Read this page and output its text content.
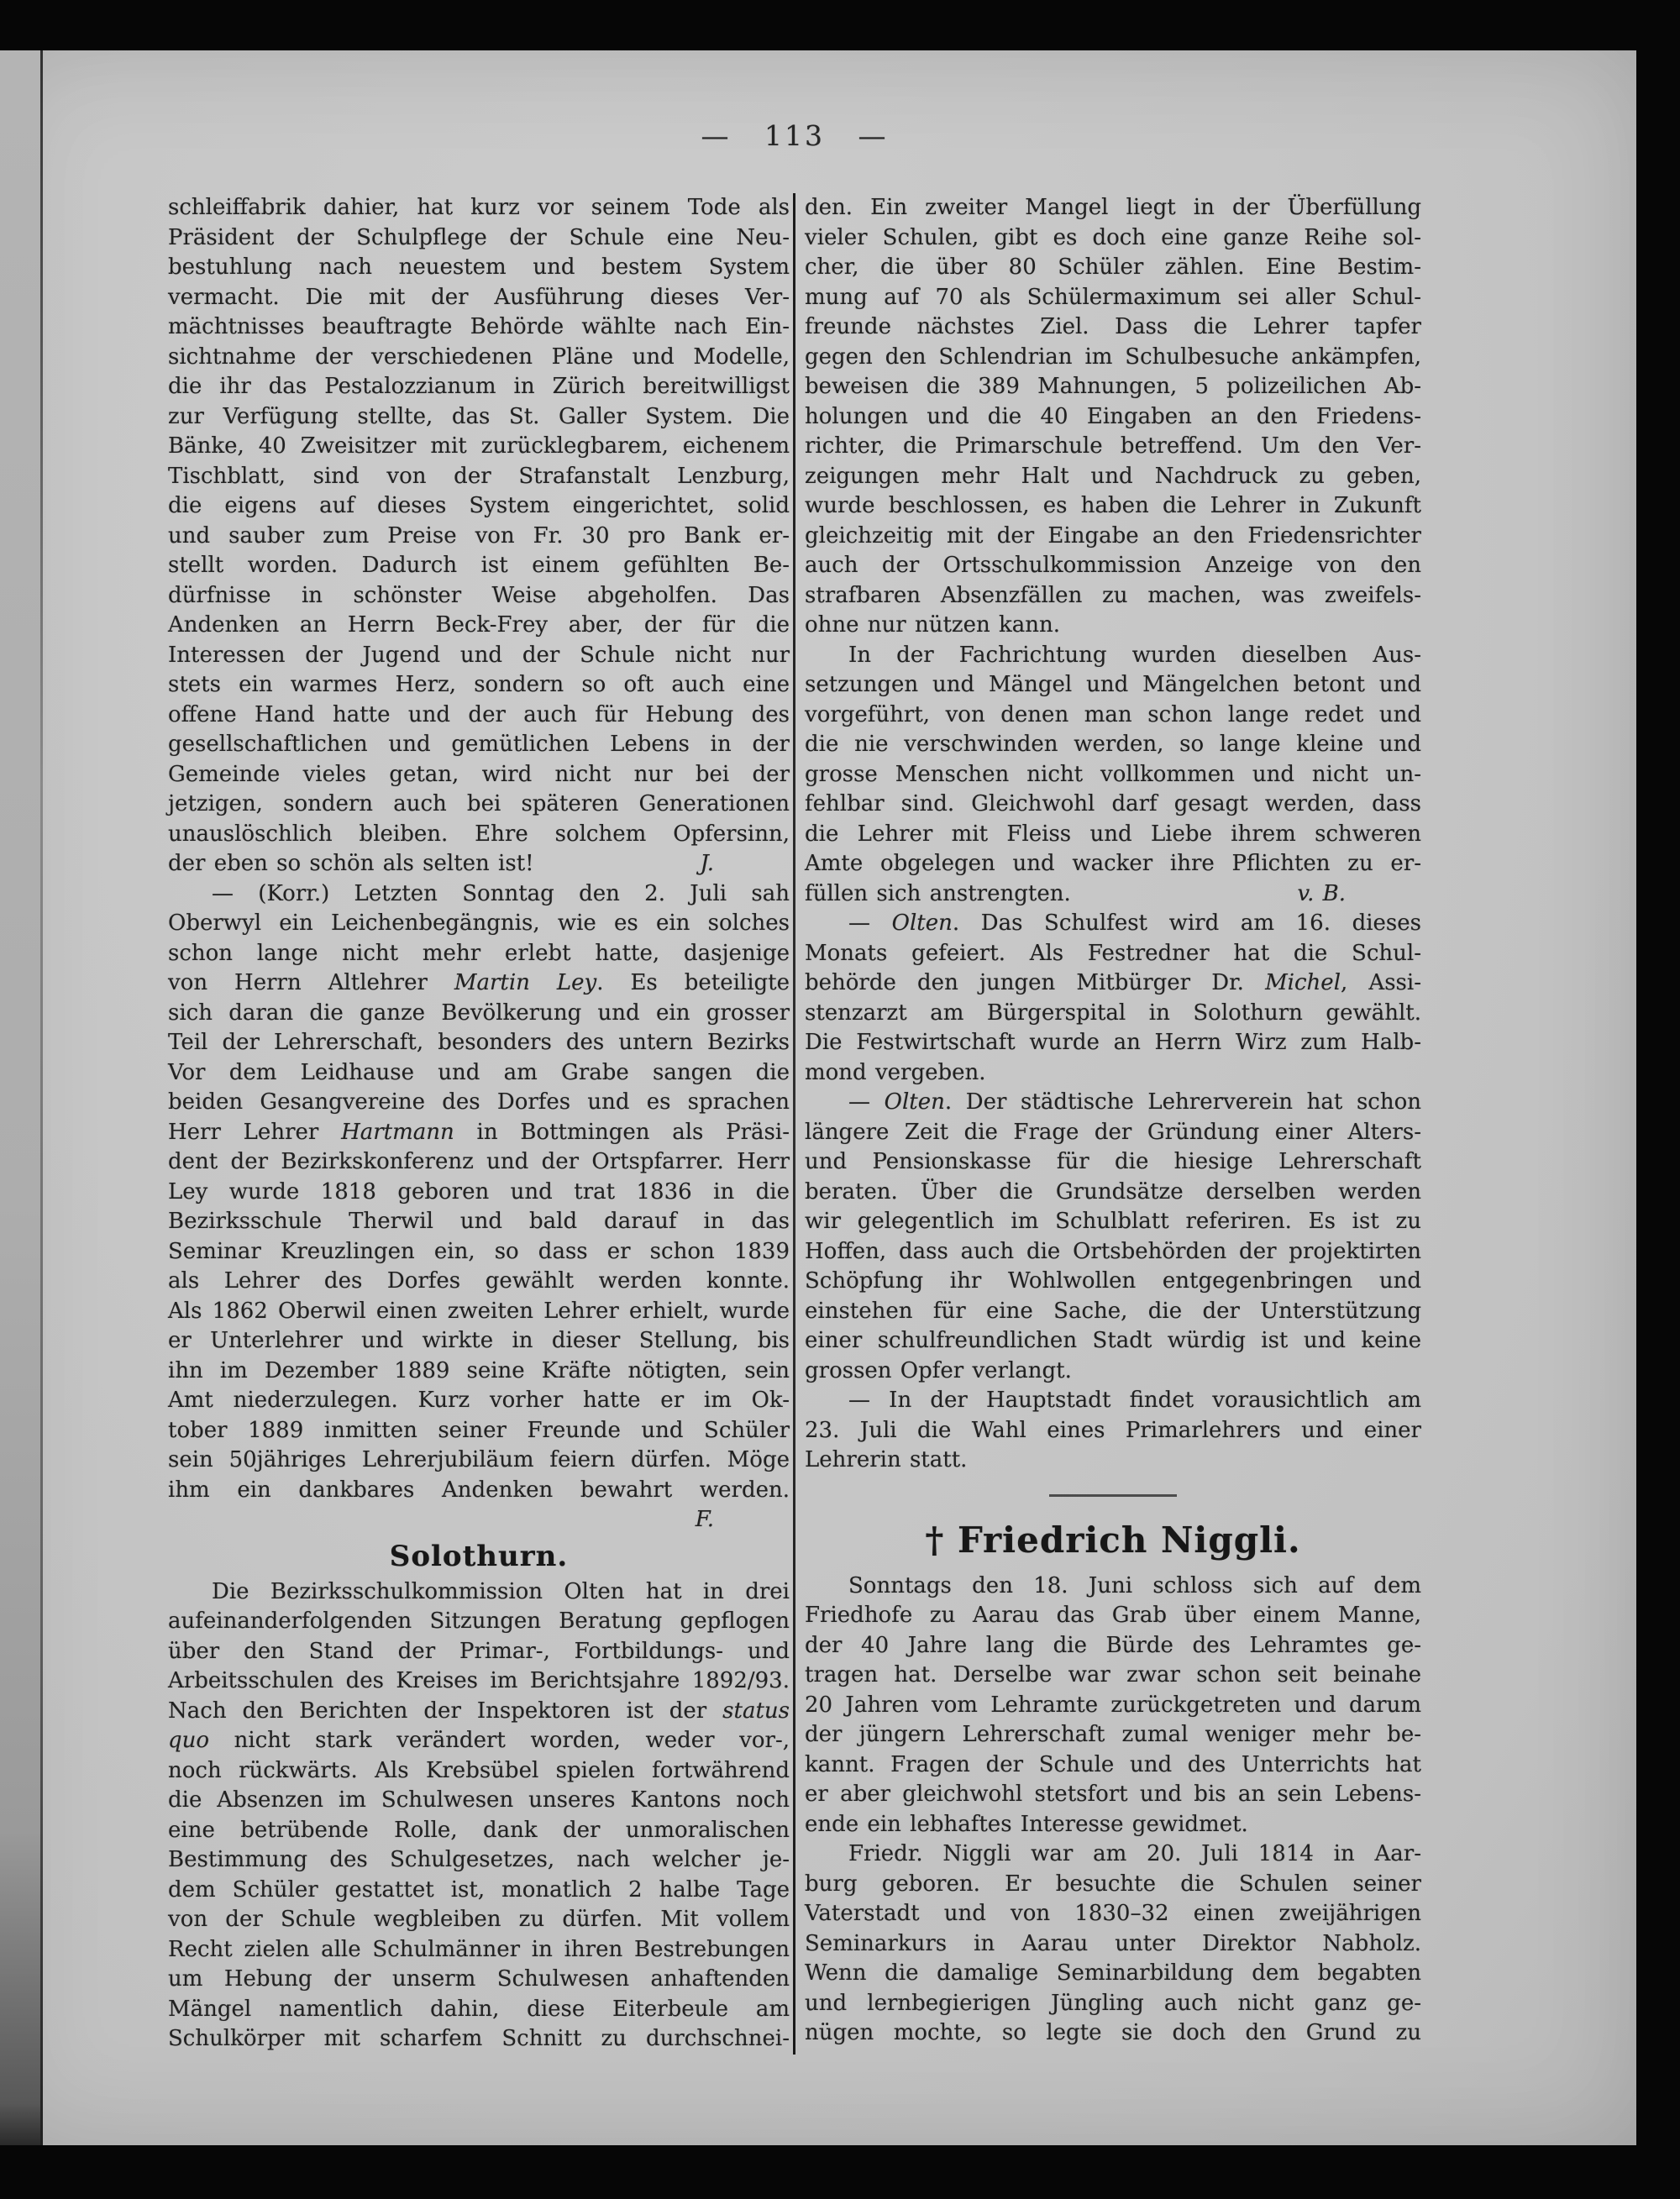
— 113 —
schleiffabrik dahier, hat kurz vor seinem Tode als
Präsident der Schulpflege der Schule eine Neu-
bestuhlung nach neuestem und bestem System
vermacht. Die mit der Ausführung dieses Ver-
mächtnisses beauftragte Behörde wählte nach Ein-
sichtnahme der verschiedenen Pläne und Modelle,
die ihr das Pestalozzianum in Zürich bereitwilligst
zur Verfügung stellte, das St. Galler System. Die
Bänke, 40 Zweisitzer mit zurücklegbarem, eichenem
Tischblatt, sind von der Strafanstalt Lenzburg,
die eigens auf dieses System eingerichtet, solid
und sauber zum Preise von Fr. 30 pro Bank er-
stellt worden. Dadurch ist einem gefühlten Be-
dürfnisse in schönster Weise abgeholfen. Das
Andenken an Herrn Beck-Frey aber, der für die
Interessen der Jugend und der Schule nicht nur
stets ein warmes Herz, sondern so oft auch eine
offene Hand hatte und der auch für Hebung des
gesellschaftlichen und gemütlichen Lebens in der
Gemeinde vieles getan, wird nicht nur bei der
jetzigen, sondern auch bei späteren Generationen
unauslöschlich bleiben. Ehre solchem Opfersinn,
der eben so schön als selten ist!	J.
— (Korr.) Letzten Sonntag den 2. Juli sah
Oberwyl ein Leichenbegängnis, wie es ein solches
schon lange nicht mehr erlebt hatte, dasjenige
von Herrn Altlehrer Martin Ley. Es beteiligte
sich daran die ganze Bevölkerung und ein grosser
Teil der Lehrerschaft, besonders des untern Bezirks
Vor dem Leidhause und am Grabe sangen die
beiden Gesangvereine des Dorfes und es sprachen
Herr Lehrer Hartmann in Bottmingen als Präsi-
dent der Bezirkskonferenz und der Ortspfarrer. Herr
Ley wurde 1818 geboren und trat 1836 in die
Bezirksschule Therwil und bald darauf in das
Seminar Kreuzlingen ein, so dass er schon 1839
als Lehrer des Dorfes gewählt werden konnte.
Als 1862 Oberwil einen zweiten Lehrer erhielt, wurde
er Unterlehrer und wirkte in dieser Stellung, bis
ihn im Dezember 1889 seine Kräfte nötigten, sein
Amt niederzulegen. Kurz vorher hatte er im Ok-
tober 1889 inmitten seiner Freunde und Schüler
sein 50jähriges Lehrerjubiläum feiern dürfen. Möge
ihm ein dankbares Andenken bewahrt werden.
F.
Solothurn.
Die Bezirksschulkommission Olten hat in drei
aufeinanderfolgenden Sitzungen Beratung gepflogen
über den Stand der Primar-, Fortbildungs- und
Arbeitsschulen des Kreises im Berichtsjahre 1892/93.
Nach den Berichten der Inspektoren ist der status
quo nicht stark verändert worden, weder vor-,
noch rückwärts. Als Krebsübel spielen fortwährend
die Absenzen im Schulwesen unseres Kantons noch
eine betrübende Rolle, dank der unmoralischen
Bestimmung des Schulgesetzes, nach welcher je-
dem Schüler gestattet ist, monatlich 2 halbe Tage
von der Schule wegbleiben zu dürfen. Mit vollem
Recht zielen alle Schulmänner in ihren Bestrebungen
um Hebung der unserm Schulwesen anhaftenden
Mängel namentlich dahin, diese Eiterbeule am
Schulkörper mit scharfem Schnitt zu durchschnei-
den. Ein zweiter Mangel liegt in der Überfüllung
vieler Schulen, gibt es doch eine ganze Reihe sol-
cher, die über 80 Schüler zählen. Eine Bestim-
mung auf 70 als Schülermaximum sei aller Schul-
freunde nächstes Ziel. Dass die Lehrer tapfer
gegen den Schlendrian im Schulbesuche ankämpfen,
beweisen die 389 Mahnungen, 5 polizeilichen Ab-
holungen und die 40 Eingaben an den Friedens-
richter, die Primarschule betreffend. Um den Ver-
zeigungen mehr Halt und Nachdruck zu geben,
wurde beschlossen, es haben die Lehrer in Zukunft
gleichzeitig mit der Eingabe an den Friedensrichter
auch der Ortsschulkommission Anzeige von den
strafbaren Absenzfällen zu machen, was zweifels-
ohne nur nützen kann.
In der Fachrichtung wurden dieselben Aus-
setzungen und Mängel und Mängelchen betont und
vorgeführt, von denen man schon lange redet und
die nie verschwinden werden, so lange kleine und
grosse Menschen nicht vollkommen und nicht un-
fehlbar sind. Gleichwohl darf gesagt werden, dass
die Lehrer mit Fleiss und Liebe ihrem schweren
Amte obgelegen und wacker ihre Pflichten zu er-
füllen sich anstrengten.	v. B.
— Olten. Das Schulfest wird am 16. dieses
Monats gefeiert. Als Festredner hat die Schul-
behörde den jungen Mitbürger Dr. Michel, Assi-
stenzarzt am Bürgerspital in Solothurn gewählt.
Die Festwirtschaft wurde an Herrn Wirz zum Halb-
mond vergeben.
— Olten. Der städtische Lehrerverein hat schon
längere Zeit die Frage der Gründung einer Alters-
und Pensionskasse für die hiesige Lehrerschaft
beraten. Über die Grundsätze derselben werden
wir gelegentlich im Schulblatt referiren. Es ist zu
Hoffen, dass auch die Ortsbehörden der projektirten
Schöpfung ihr Wohlwollen entgegenbringen und
einstehen für eine Sache, die der Unterstützung
einer schulfreundlichen Stadt würdig ist und keine
grossen Opfer verlangt.
— In der Hauptstadt findet vorausichtlich am
23. Juli die Wahl eines Primarlehrers und einer
Lehrerin statt.
† Friedrich Niggli.
Sonntags den 18. Juni schloss sich auf dem
Friedhofe zu Aarau das Grab über einem Manne,
der 40 Jahre lang die Bürde des Lehramtes ge-
tragen hat. Derselbe war zwar schon seit beinahe
20 Jahren vom Lehramte zurückgetreten und darum
der jüngern Lehrerschaft zumal weniger mehr be-
kannt. Fragen der Schule und des Unterrichts hat
er aber gleichwohl stetsfort und bis an sein Lebens-
ende ein lebhaftes Interesse gewidmet.
Friedr. Niggli war am 20. Juli 1814 in Aar-
burg geboren. Er besuchte die Schulen seiner
Vaterstadt und von 1830–32 einen zweijährigen
Seminarkurs in Aarau unter Direktor Nabholz.
Wenn die damalige Seminarbildung dem begabten
und lernbegierigen Jüngling auch nicht ganz ge-
nügen mochte, so legte sie doch den Grund zu
